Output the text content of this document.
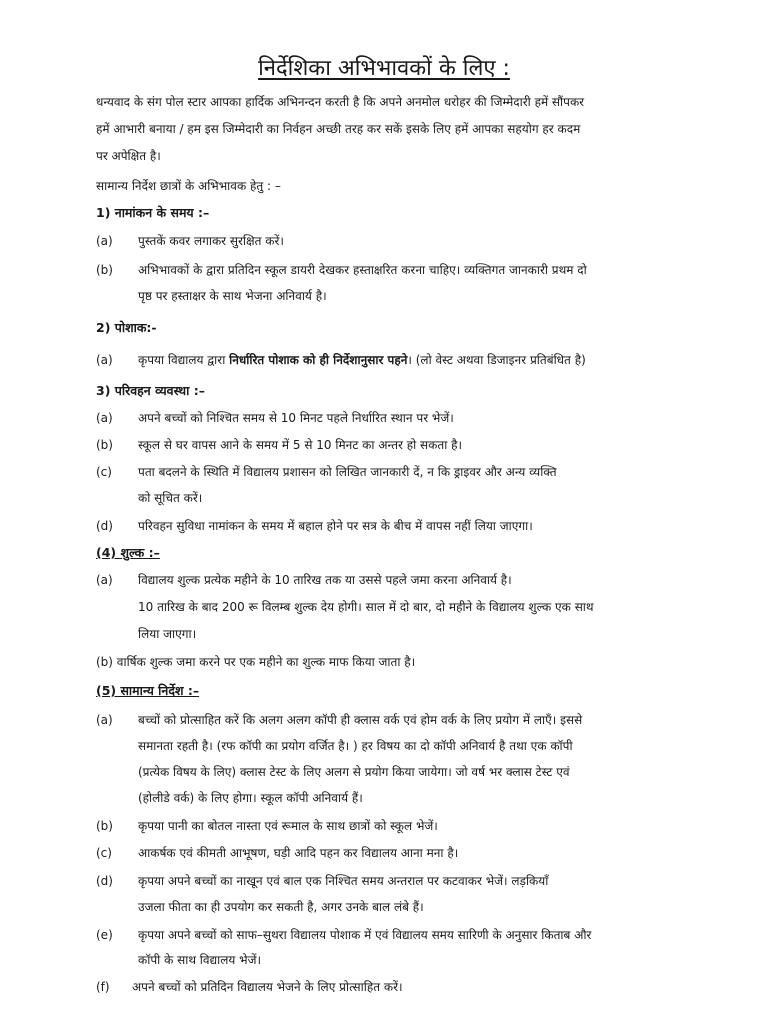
निर्देशिका अभिभावकों के लिए :
धन्यवाद के संग पोल स्टार आपका हार्दिक अभिनन्दन करती है कि अपने अनमोल धरोहर की जिम्मेदारी हमें सौंपकर
हमें आभारी बनाया / हम इस जिम्मेदारी का निर्वहन अच्छी तरह कर सकें इसके लिए हमें आपका सहयोग हर कदम
पर अपेक्षित है।
सामान्य निर्देश छात्रों के अभिभावक हेतु : –
1) नामांकन के समय :–
(a) पुस्तकें कवर लगाकर सुरक्षित करें।
(b) अभिभावकों के द्वारा प्रतिदिन स्कूल डायरी देखकर हस्ताक्षरित करना चाहिए। व्यक्तिगत जानकारी प्रथम दो
पृष्ठ पर हस्ताक्षर के साथ भेजना अनिवार्य है।
2) पोशाक:-
(a) कृपया विद्यालय द्वारा निर्धारित पोशाक को ही निर्देशानुसार पहने। (लो वेस्ट अथवा डिजाइनर प्रतिबंधित है)
3) परिवहन व्यवस्था :–
(a) अपने बच्चों को निश्चित समय से 10 मिनट पहले निर्धारित स्थान पर भेजें।
(b) स्कूल से घर वापस आने के समय में 5 से 10 मिनट का अन्तर हो सकता है।
(c) पता बदलने के स्थिति में विद्यालय प्रशासन को लिखित जानकारी दें, न कि ड्राइवर और अन्य व्यक्ति
को सूचित करें।
(d) परिवहन सुविधा नामांकन के समय में बहाल होने पर सत्र के बीच में वापस नहीं लिया जाएगा।
(4) शुल्क :–
(a) विद्यालय शुल्क प्रत्येक महीने के 10 तारिख तक या उससे पहले जमा करना अनिवार्य है।
10 तारिख के बाद 200 रू विलम्ब शुल्क देय होगी। साल में दो बार, दो महीने के विद्यालय शुल्क एक साथ
लिया जाएगा।
(b) वार्षिक शुल्क जमा करने पर एक महीने का शुल्क माफ किया जाता है।
(5) सामान्य निर्देश :–
(a) बच्चों को प्रोत्साहित करें कि अलग अलग कॉपी ही क्लास वर्क एवं होम वर्क के लिए प्रयोग में लाएँ। इससे
समानता रहती है। (रफ कॉपी का प्रयोग वर्जित है। ) हर विषय का दो कॉपी अनिवार्य है तथा एक कॉपी
(प्रत्येक विषय के लिए) क्लास टेस्ट के लिए अलग से प्रयोग किया जायेगा। जो वर्ष भर क्लास टेस्ट एवं
(होलीडे वर्क) के लिए होगा। स्कूल कॉपी अनिवार्य हैं।
(b) कृपया पानी का बोतल नास्ता एवं रूमाल के साथ छात्रों को स्कूल भेजें।
(c) आकर्षक एवं कीमती आभूषण, घड़ी आदि पहन कर विद्यालय आना मना है।
(d) कृपया अपने बच्चों का नाखून एवं बाल एक निश्चित समय अन्तराल पर कटवाकर भेजें। लड़कियाँ
उजला फीता का ही उपयोग कर सकती है, अगर उनके बाल लंबे हैं।
(e) कृपया अपने बच्चों को साफ–सुथरा विद्यालय पोशाक में एवं विद्यालय समय सारिणी के अनुसार किताब और
कॉपी के साथ विद्यालय भेजें।
(f) अपने बच्चों को प्रतिदिन विद्यालय भेजने के लिए प्रोत्साहित करें।
